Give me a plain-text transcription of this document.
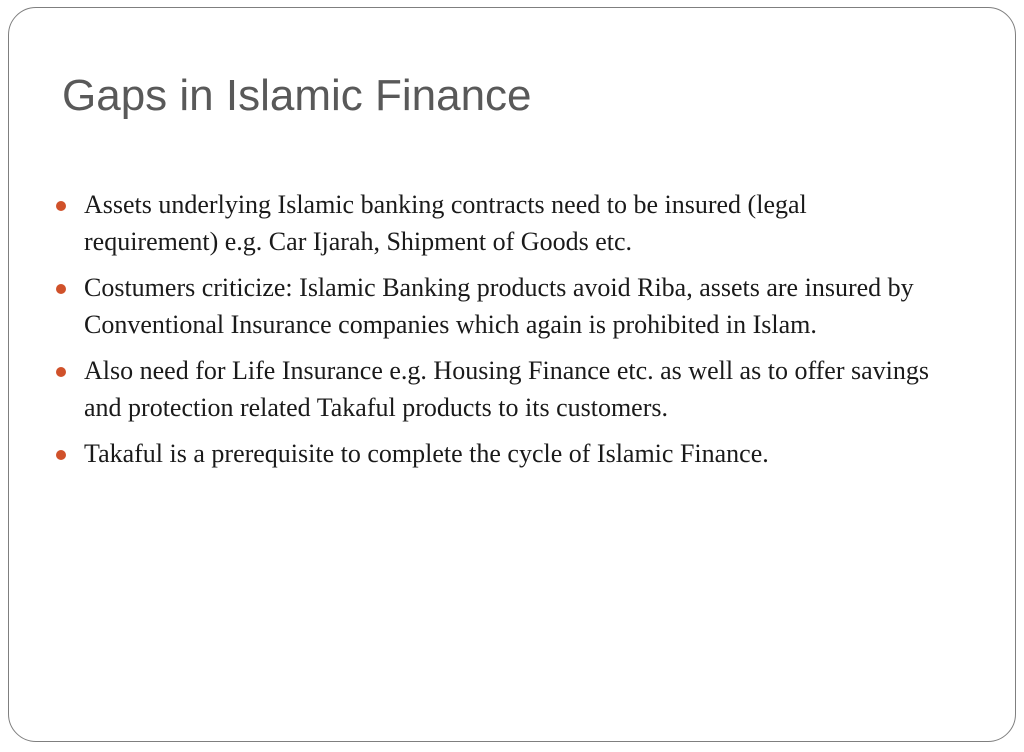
Gaps in Islamic Finance
Assets underlying Islamic banking contracts need to be insured (legal requirement) e.g. Car Ijarah, Shipment of Goods etc.
Costumers criticize: Islamic Banking products avoid Riba, assets are insured by Conventional Insurance companies which again is prohibited in Islam.
Also need for Life Insurance e.g. Housing Finance etc. as well as to offer savings and protection related Takaful products to its customers.
Takaful is a prerequisite to complete the cycle of Islamic Finance.
